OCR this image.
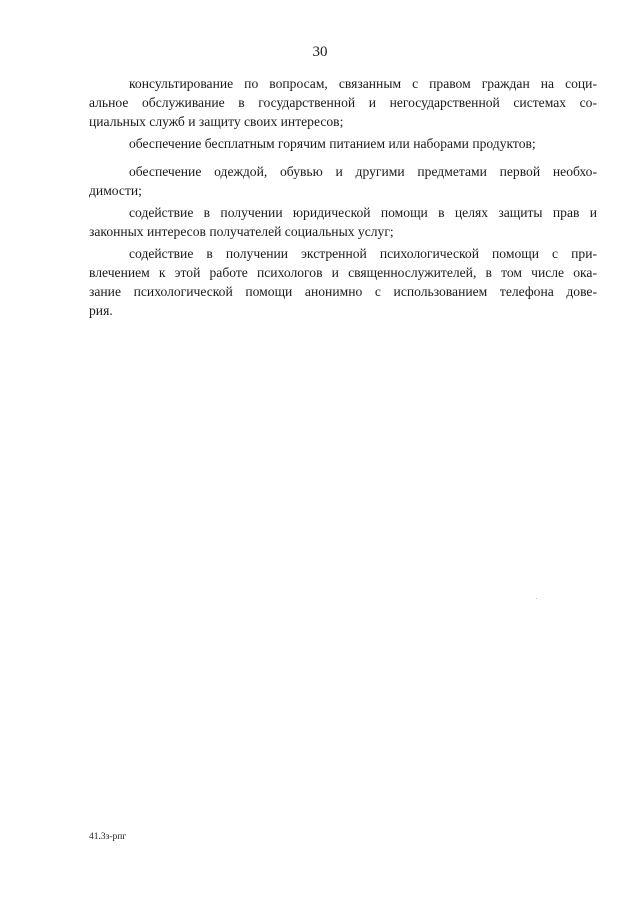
30
консультирование по вопросам, связанным с правом граждан на соци-
альное обслуживание в государственной и негосударственной системах со-
циальных служб и защиту своих интересов;
обеспечение бесплатным горячим питанием или наборами продуктов;
обеспечение одеждой, обувью и другими предметами первой необхо-
димости;
содействие в получении юридической помощи в целях защиты прав и
законных интересов получателей социальных услуг;
содействие в получении экстренной психологической помощи с при-
влечением к этой работе психологов и священнослужителей, в том числе ока-
зание психологической помощи анонимно с использованием телефона дове-
рия.
41.3з-рпг
